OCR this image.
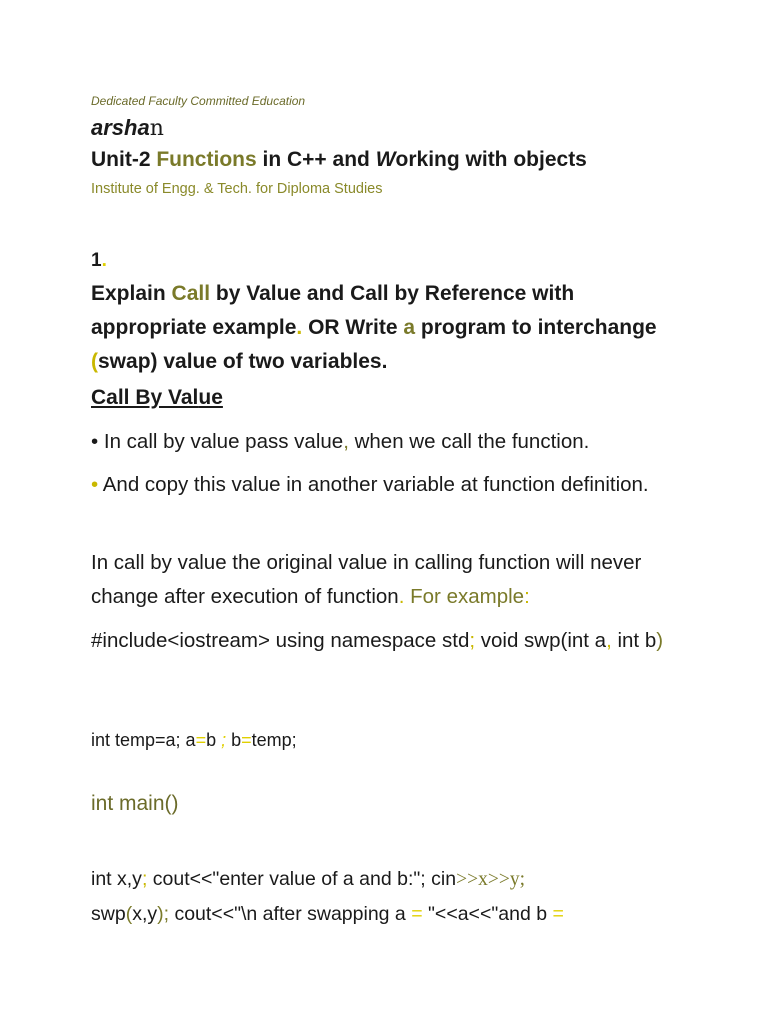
Dedicated Faculty Committed Education
arshan
Unit-2 Functions in C++ and Working with objects
Institute of Engg. & Tech. for Diploma Studies
1.
Explain Call by Value and Call by Reference with appropriate example. OR Write a program to interchange (swap) value of two variables.
Call By Value
• In call by value pass value, when we call the function.
• And copy this value in another variable at function definition.
In call by value the original value in calling function will never change after execution of function. For example:
#include<iostream> using namespace std; void swp(int a, int b)
int temp=a; a=b ; b=temp;
int main()
int x,y; cout<<"enter value of a and b:"; cin>>x>>y;
swp(x,y); cout<<"\n after swapping a = "<<a<<"and b =
